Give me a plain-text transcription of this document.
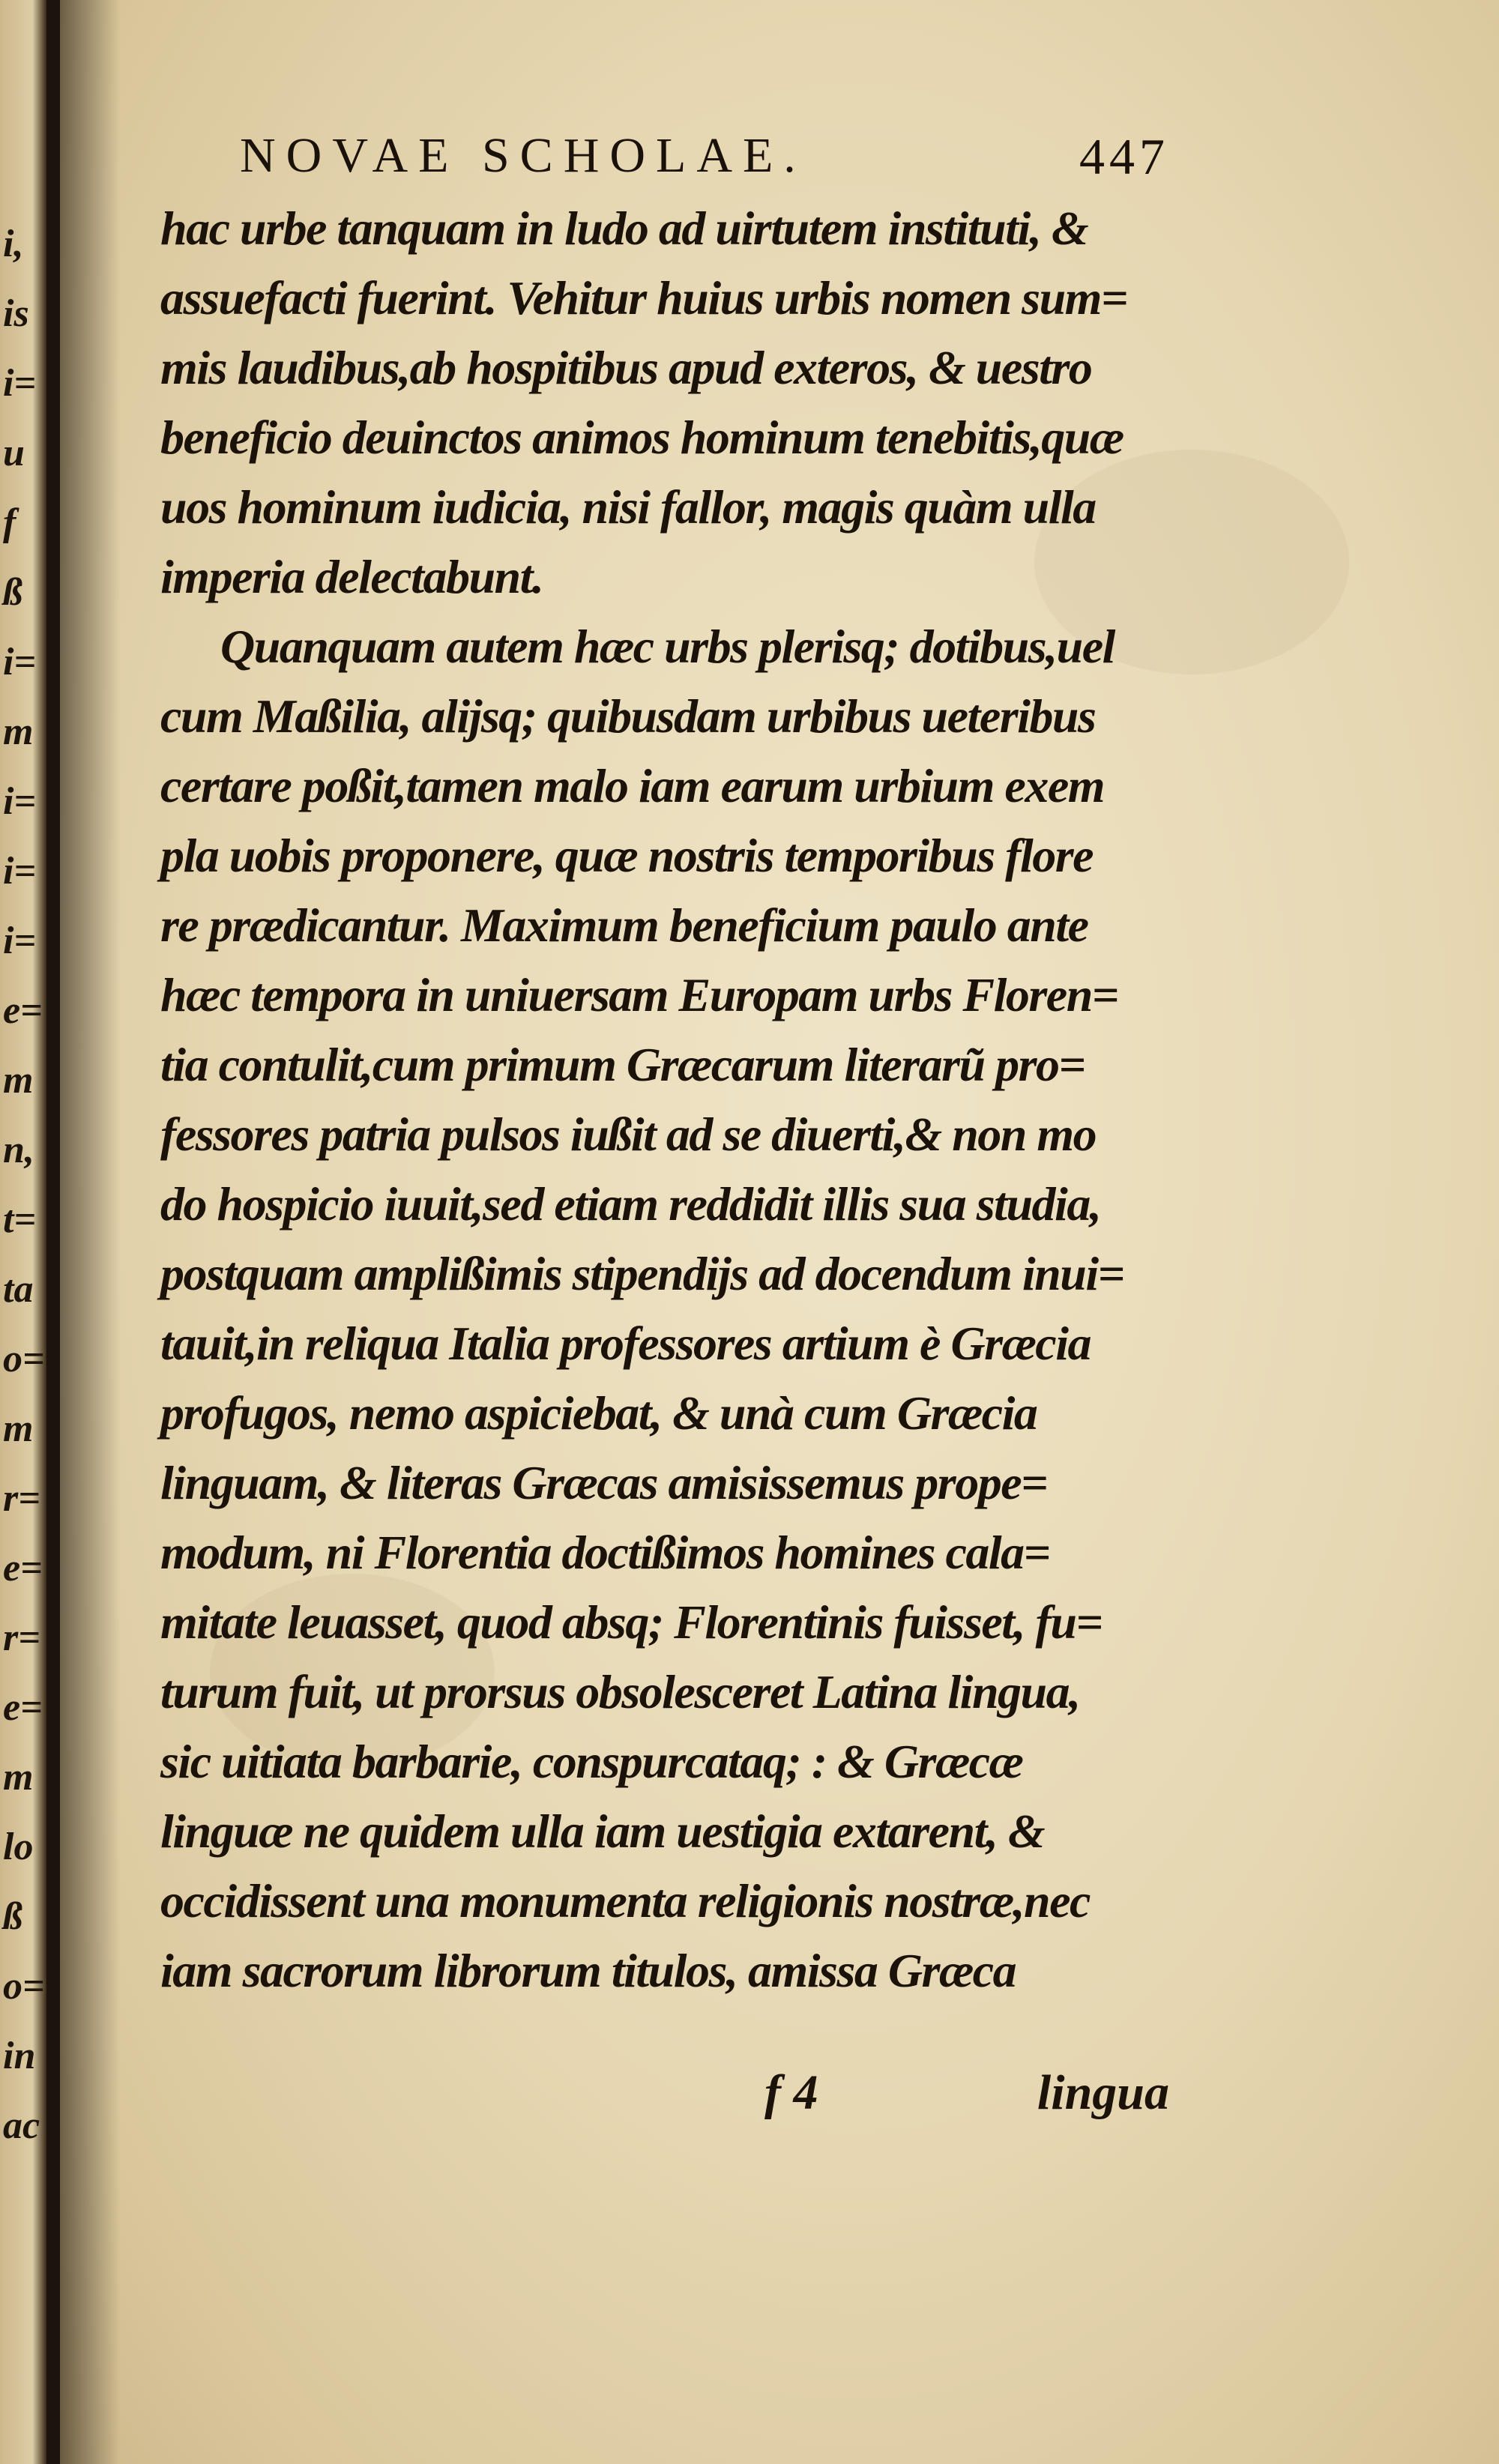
i,
is
i=
u
f
ß
i=
m
i=
i=
i=
e=
m
n,
t=
ta
o=
m
r=
e=
r=
e=
m
lo
ß
o=
in
ac
NOVAE SCHOLAE.	447
hac urbe tanquam in ludo ad uirtutem instituti, &
assuefacti fuerint. Vehitur huius urbis nomen sum=
mis laudibus,ab hospitibus apud exteros, & uestro
beneficio deuinctos animos hominum tenebitis,quæ
uos hominum iudicia, nisi fallor, magis quàm ulla
imperia delectabunt.
Quanquam autem hæc urbs plerisq; dotibus,uel
cum Maßilia, alijsq; quibusdam urbibus ueteribus
certare poßit,tamen malo iam earum urbium exem
pla uobis proponere, quæ nostris temporibus flore
re prædicantur. Maximum beneficium paulo ante
hæc tempora in uniuersam Europam urbs Floren=
tia contulit,cum primum Græcarum literarũ pro=
fessores patria pulsos iußit ad se diuerti,& non mo
do hospicio iuuit,sed etiam reddidit illis sua studia,
postquam amplißimis stipendijs ad docendum inui=
tauit,in reliqua Italia professores artium è Græcia
profugos, nemo aspiciebat, & unà cum Græcia
linguam, & literas Græcas amisissemus prope=
modum, ni Florentia doctißimos homines cala=
mitate leuasset, quod absq; Florentinis fuisset, fu=
turum fuit, ut prorsus obsolesceret Latina lingua,
sic uitiata barbarie, conspurcataq; : & Græcæ
linguæ ne quidem ulla iam uestigia extarent, &
occidissent una monumenta religionis nostræ,nec
iam sacrorum librorum titulos, amissa Græca
f 4	lingua
